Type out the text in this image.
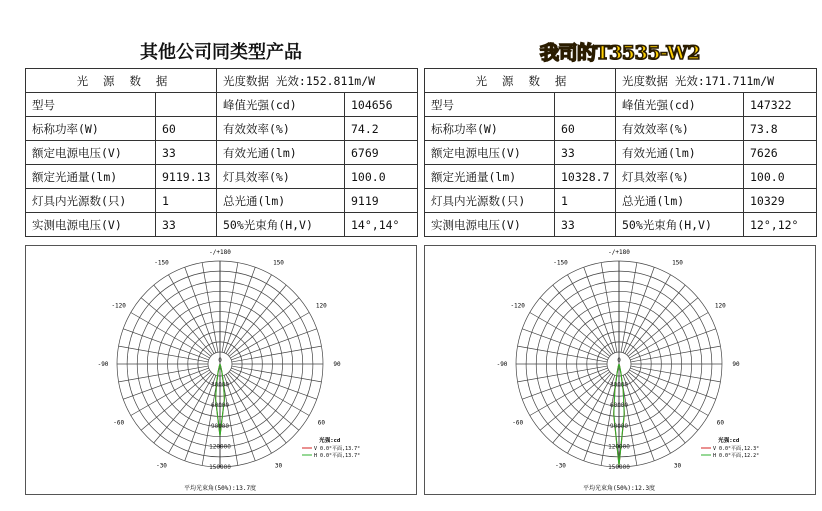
其他公司同类型产品
光 源 数 据		光度数据 光效:152.811m/W	
型号		峰值光强(cd)	104656
标称功率(W)	60	有效效率(%)	74.2
额定电源电压(V)	33	有效光通(lm)	6769
额定光通量(lm)	9119.13	灯具效率(%)	100.0
灯具内光源数(只)	1	总光通(lm)	9119
实测电源电压(V)	33	50%光束角(H,V)	14°,14°
-/+180
-150	150
-120	120
-90	90
-60	60
-30	30
0
30000
60000
90000
120000
150000
光强:cd
V 0.0°平面,13.7°
H 0.0°平面,13.7°
平均光束角(50%):13.7度
我司的T3535-W2
光 源 数 据		光度数据 光效:171.711m/W	
型号		峰值光强(cd)	147322
标称功率(W)	60	有效效率(%)	73.8
额定电源电压(V)	33	有效光通(lm)	7626
额定光通量(lm)	10328.7	灯具效率(%)	100.0
灯具内光源数(只)	1	总光通(lm)	10329
实测电源电压(V)	33	50%光束角(H,V)	12°,12°
-/+180
-150	150
-120	120
-90	90
-60	60
-30	30
0
30000
60000
90000
120000
150000
光强:cd
V 0.0°平面,12.3°
H 0.0°平面,12.2°
平均光束角(50%):12.3度
